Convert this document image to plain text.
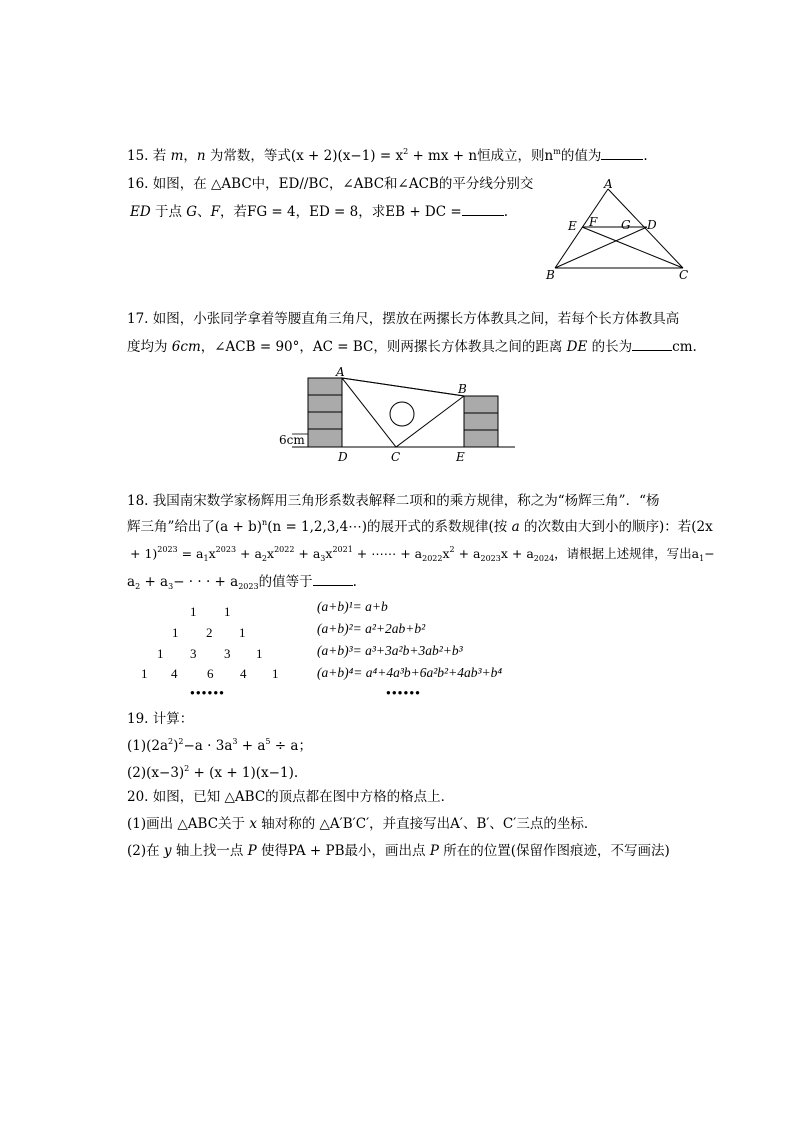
15. 若 m，n 为常数，等式$(x + 2)(x-1) = x^2$ + mx + n恒成立，则$n^m$的值为	.
16. 如图，在 △ABC中，ED//BC，∠ABC和∠ACB的平分线分别交
ED 于点 G、F，若FG = 4，ED = 8，求EB + DC =	.
A
B	C
D
E F G
17. 如图，小张同学拿着等腰直角三角尺，摆放在两摞长方体教具之间，若每个长方体教具高
度均为 6cm，∠ACB = 90°，AC = BC，则两摞长方体教具之间的距离 DE 的长为	cm.
A
B
C
D	E
6cm
18. 我国南宋数学家杨辉用三角形系数表解释二项和的乘方规律，称之为“杨辉三角”．“杨
辉三角”给出了$(a + b)^n(n$ = 1,2,3,4⋯)的展开式的系数规律(按 a 的次数由大到小的顺序)：若(2x
+ $1)^{2023} = a_1x^{2023} + a_2x^{2022} + a_3x^{2021}$ + ⋯⋯ + $a_{2022}x^2 + a_{2023}x + a_{2024}$，请根据上述规律，写出$a_1-$
$a_2 + a_3-$ · · · + $a_{2023}$的值等于	.
1 1
1 2 1
1 3 3 1
1 4 6 4 1
●●●●●●
(a+b)¹= a+b
(a+b)²= a²+2ab+b²
(a+b)³= a³+3a²b+3ab²+b³
(a+b)⁴= a⁴+4a³b+6a²b²+4ab³+b⁴
●●●●●●
19. 计算：
$(1)(2a^2)^2-a \cdot 3a^3 + a^5 \div a$；
$(2)(x-3)^2 + (x + 1)(x-1)$.
20. 如图，已知 △ABC的顶点都在图中方格的格点上．
(1)画出 △ABC关于 x 轴对称的 △A′B′C′，并直接写出A′、B′、C′三点的坐标．
(2)在 y 轴上找一点 P 使得PA + PB最小，画出点 P 所在的位置(保留作图痕迹，不写画法)
